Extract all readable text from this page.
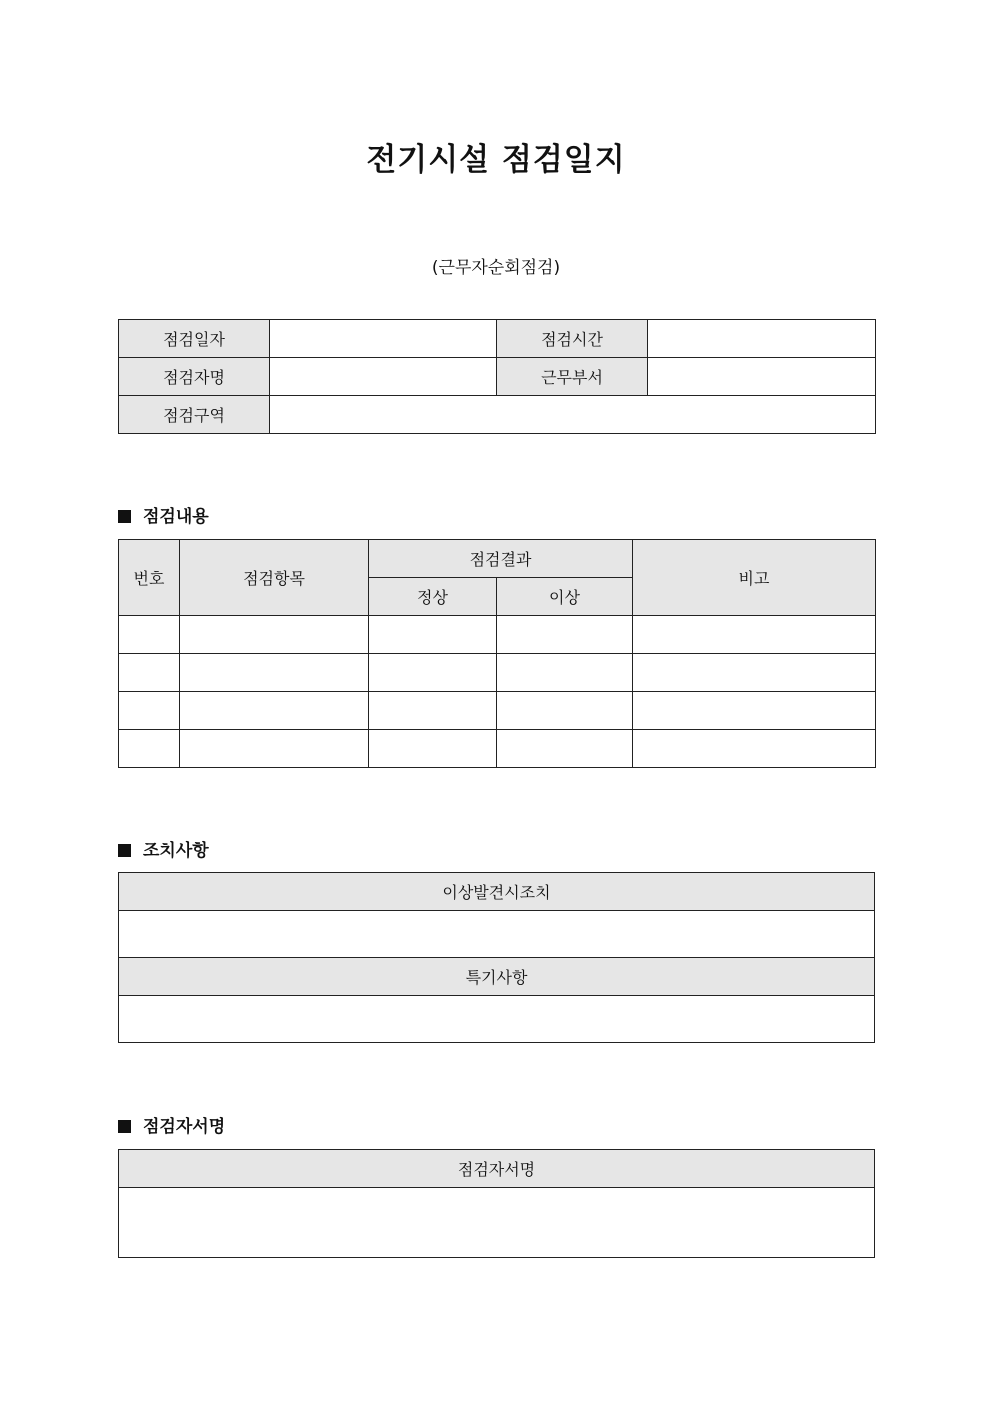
전기시설 점검일지
(근무자순회점검)
점검일자		점검시간	
점검자명		근무부서	
점검구역			
점검내용
번호	점검항목	점검결과		비고
		정상	이상	

조치사항
이상발견시조치

특기사항

점검자서명
점검자서명
